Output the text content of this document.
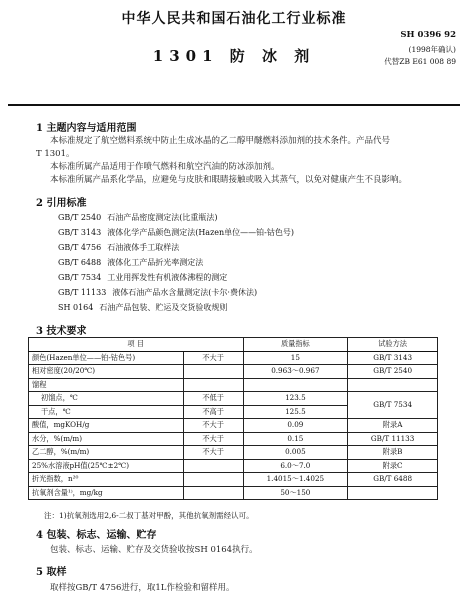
中华人民共和国石油化工行业标准
SH 0396 92
(1998年确认)
代替ZB E61 008 89
1301 防 冰 剂
1 主题内容与适用范围
本标准规定了航空燃料系统中防止生成冰晶的乙二醇甲醚燃料添加剂的技术条件。产品代号
T 1301。
本标准所属产品适用于作喷气燃料和航空汽油的防冰添加剂。
本标准所属产品系化学品，应避免与皮肤和眼睛接触或吸入其蒸气，以免对健康产生不良影响。
2 引用标准
GB/T 2540 石油产品密度测定法(比重瓶法)
GB/T 3143 液体化学产品颜色测定法(Hazen单位——铂-钴色号)
GB/T 4756 石油液体手工取样法
GB/T 6488 液体化工产品折光率测定法
GB/T 7534 工业用挥发性有机液体沸程的测定
GB/T 11133 液体石油产品水含量测定法(卡尔·费休法)
SH 0164 石油产品包装、贮运及交货验收规则
3 技术要求
项 目		质量指标	试验方法
颜色(Hazen单位——铂-钴色号)	不大于	15	GB/T 3143
相对密度(20/20℃)		0.963～0.967	GB/T 2540
馏程			
初馏点，℃	不低于	123.5	GB/T 7534
干点，℃	不高于	125.5	
酸值，mgKOH/g	不大于	0.09	附录A
水分，%(m/m)	不大于	0.15	GB/T 11133
乙二醇，%(m/m)	不大于	0.005	附录B
25%水溶液pH值(25℃±2℃)		6.0～7.0	附录C
折光指数，n²⁰		1.4015～1.4025	GB/T 6488
抗氧剂含量¹⁾，mg/kg		50～150	
注：1)抗氧剂选用2,6-二叔丁基对甲酚，其他抗氧剂需经认可。
4 包装、标志、运输、贮存
包装、标志、运输、贮存及交货验收按SH 0164执行。
5 取样
取样按GB/T 4756进行，取1L作检验和留样用。
